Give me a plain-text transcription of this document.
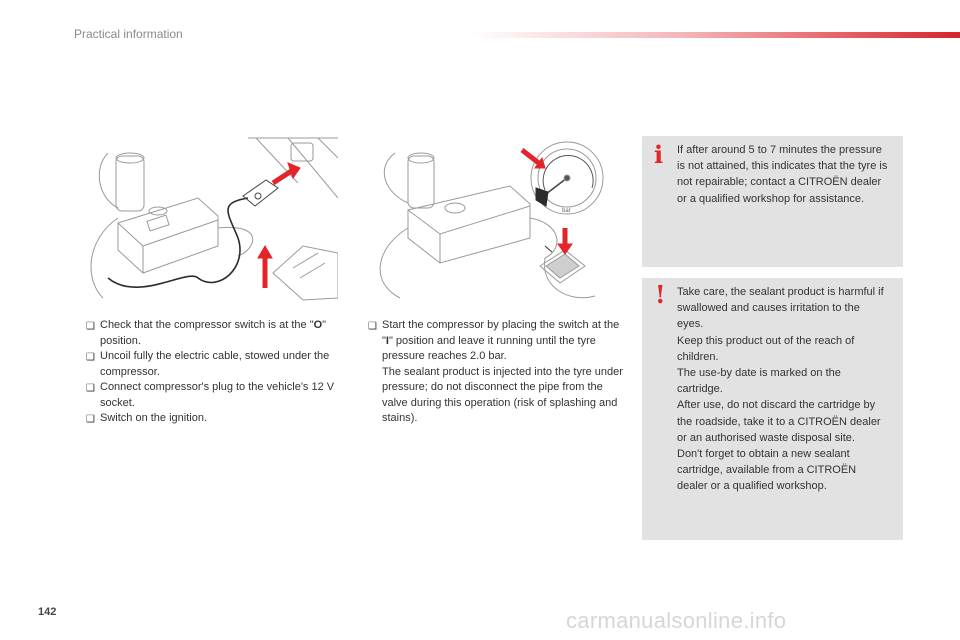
Practical information
bar
❑ Check that the compressor switch is at the "O" position.
❑ Uncoil fully the electric cable, stowed under the compressor.
❑ Connect compressor's plug to the vehicle's 12 V socket.
❑ Switch on the ignition.
❑ Start the compressor by placing the switch at the "I" position and leave it running until the tyre pressure reaches 2.0 bar.
The sealant product is injected into the tyre under pressure; do not disconnect the pipe from the valve during this operation (risk of splashing and stains).
i If after around 5 to 7 minutes the pressure is not attained, this indicates that the tyre is not repairable; contact a CITROËN dealer or a qualified workshop for assistance.
! Take care, the sealant product is harmful if swallowed and causes irritation to the eyes.
Keep this product out of the reach of children.
The use-by date is marked on the cartridge.
After use, do not discard the cartridge by the roadside, take it to a CITROËN dealer or an authorised waste disposal site.
Don't forget to obtain a new sealant cartridge, available from a CITROËN dealer or a qualified workshop.
142	carmanualsonline.info
